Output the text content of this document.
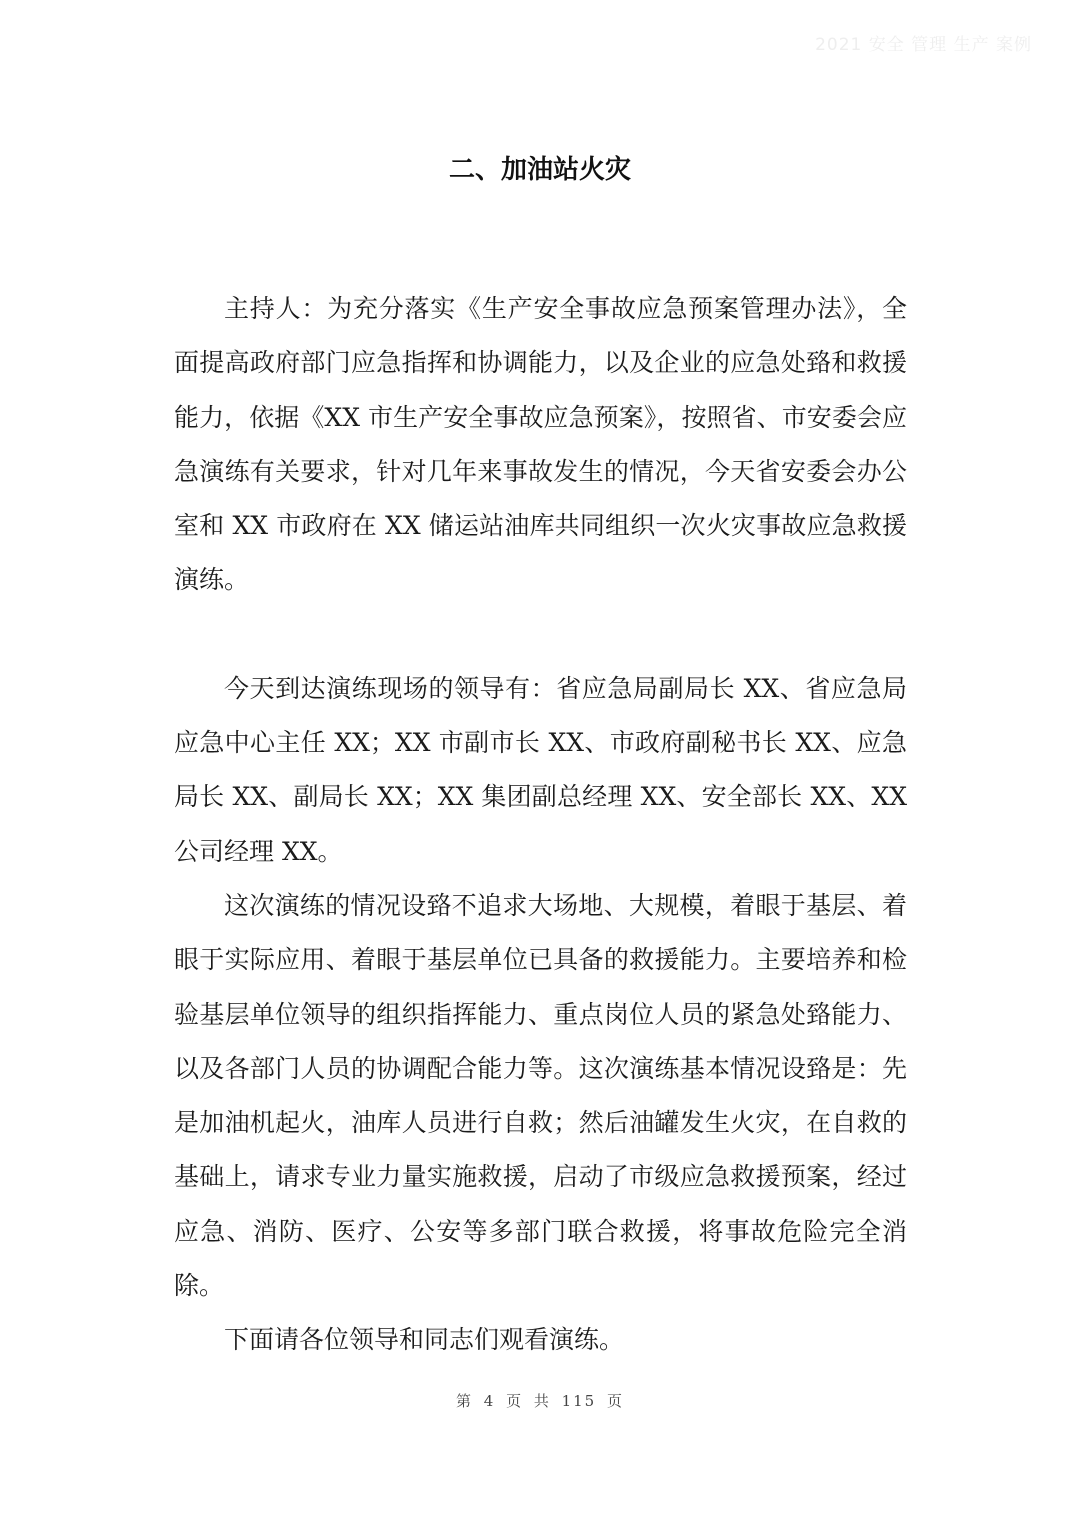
2021 安全 管理 生产 案例
二、加油站火灾

主持人：为充分落实《生产安全事故应急预案管理办法》，全面提高政府部门应急指挥和协调能力，以及企业的应急处臵和救援能力，依据《XX 市生产安全事故应急预案》，按照省、市安委会应急演练有关要求，针对几年来事故发生的情况，今天省安委会办公室和 XX 市政府在 XX 储运站油库共同组织一次火灾事故应急救援演练。

今天到达演练现场的领导有：省应急局副局长 XX、省应急局应急中心主任 XX；XX 市副市长 XX、市政府副秘书长 XX、应急局长 XX、副局长 XX；XX 集团副总经理 XX、安全部长 XX、XX 公司经理 XX。

这次演练的情况设臵不追求大场地、大规模，着眼于基层、着眼于实际应用、着眼于基层单位已具备的救援能力。主要培养和检验基层单位领导的组织指挥能力、重点岗位人员的紧急处臵能力、以及各部门人员的协调配合能力等。这次演练基本情况设臵是：先是加油机起火，油库人员进行自救；然后油罐发生火灾，在自救的基础上，请求专业力量实施救援，启动了市级应急救援预案，经过应急、消防、医疗、公安等多部门联合救援，将事故危险完全消除。

下面请各位领导和同志们观看演练。

第 4 页 共 115 页
